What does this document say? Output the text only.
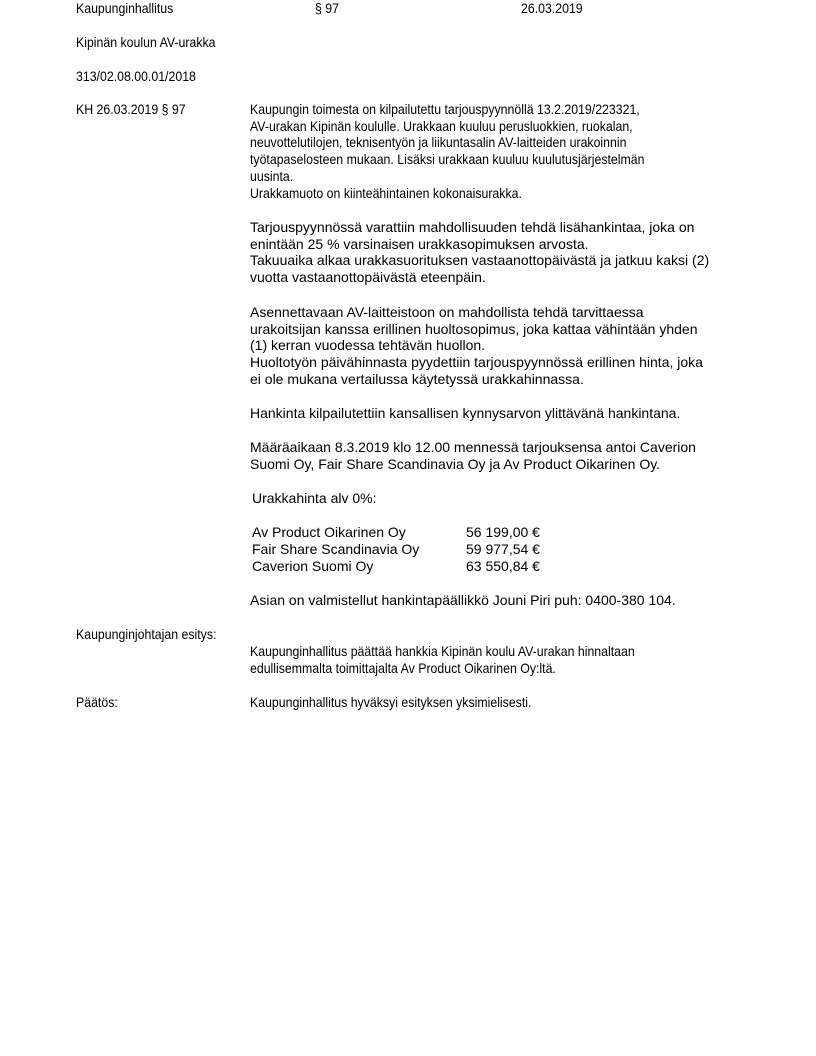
Kaupunginhallitus	§ 97	26.03.2019
Kipinän koulun AV-urakka
313/02.08.00.01/2018
KH 26.03.2019 § 97	Kaupungin toimesta on kilpailutettu tarjouspyynnöllä 13.2.2019/223321,
AV-urakan Kipinän koululle. Urakkaan kuuluu perusluokkien, ruokalan,
neuvottelutilojen, teknisentyön ja liikuntasalin AV-laitteiden urakoinnin
työtapaselosteen mukaan. Lisäksi urakkaan kuuluu kuulutusjärjestelmän
uusinta.
Urakkamuoto on kiinteähintainen kokonaisurakka.
Tarjouspyynnössä varattiin mahdollisuuden tehdä lisähankintaa, joka on
enintään 25 % varsinaisen urakkasopimuksen arvosta.
Takuuaika alkaa urakkasuorituksen vastaanottopäivästä ja jatkuu kaksi (2)
vuotta vastaanottopäivästä eteenpäin.
Asennettavaan AV-laitteistoon on mahdollista tehdä tarvittaessa
urakoitsijan kanssa erillinen huoltosopimus, joka kattaa vähintään yhden
(1) kerran vuodessa tehtävän huollon.
Huoltotyön päivähinnasta pyydettiin tarjouspyynnössä erillinen hinta, joka
ei ole mukana vertailussa käytetyssä urakkahinnassa.
Hankinta kilpailutettiin kansallisen kynnysarvon ylittävänä hankintana.
Määräaikaan 8.3.2019 klo 12.00 mennessä tarjouksensa antoi Caverion
Suomi Oy, Fair Share Scandinavia Oy ja Av Product Oikarinen Oy.
Urakkahinta alv 0%:
Av Product Oikarinen Oy	56 199,00 €
Fair Share Scandinavia Oy	59 977,54 €
Caverion Suomi Oy	63 550,84 €
Asian on valmistellut hankintapäällikkö Jouni Piri puh: 0400-380 104.
Kaupunginjohtajan esitys:
Kaupunginhallitus päättää hankkia Kipinän koulu AV-urakan hinnaltaan
edullisemmalta toimittajalta Av Product Oikarinen Oy:ltä.
Päätös:	Kaupunginhallitus hyväksyi esityksen yksimielisesti.
